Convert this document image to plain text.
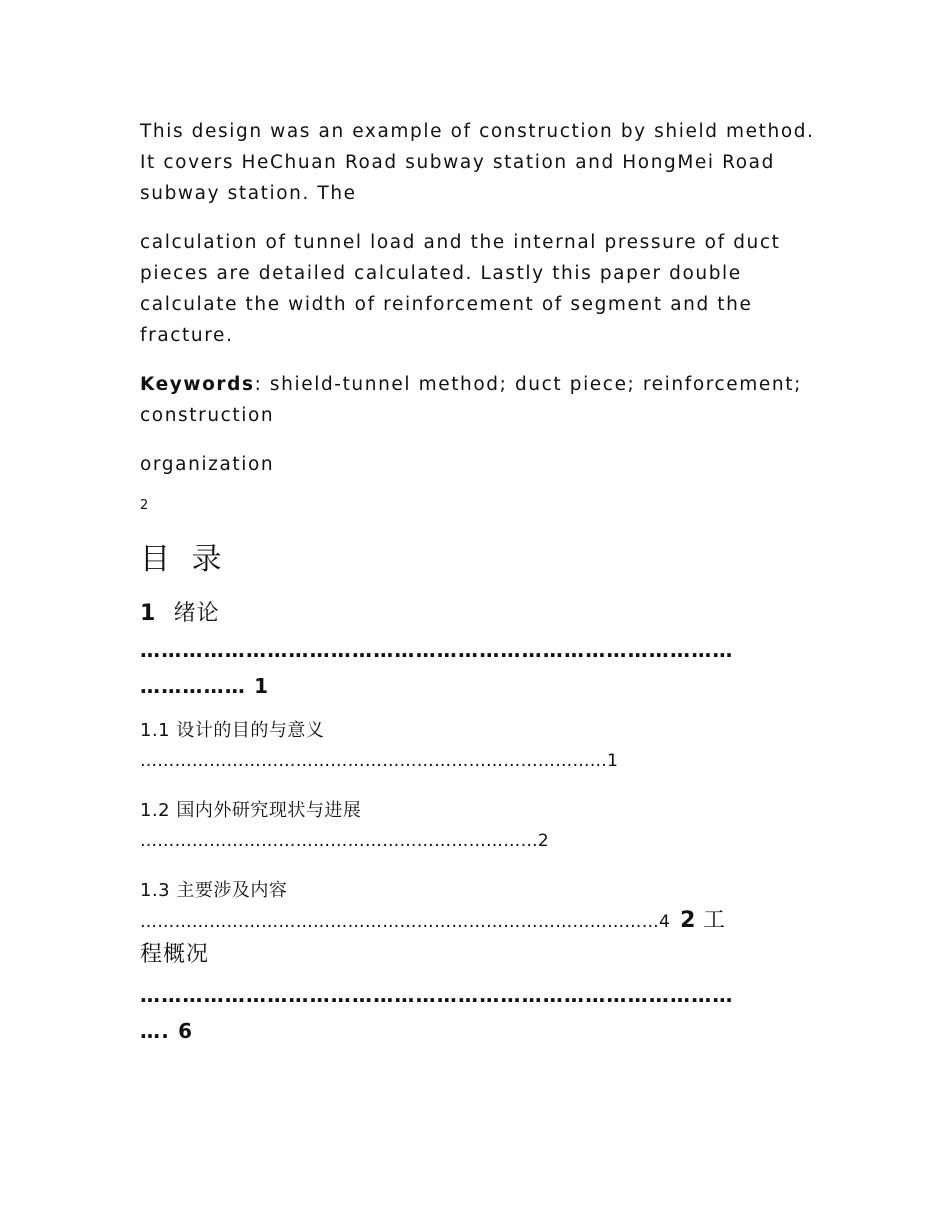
This design was an example of construction by shield method. It covers HeChuan Road subway station and HongMei Road subway station. The

calculation of tunnel load and the internal pressure of duct pieces are detailed calculated. Lastly this paper double calculate the width of reinforcement of segment and the fracture.

Keywords: shield-tunnel method; duct piece; reinforcement; construction

organization

2
目 录
1 绪论
…………………………………………………………………………
…………… 1
1.1 设计的目的与意义
………………………………………………………………………1
1.2 国内外研究现状与进展
……………………………………………………………2
1.3 主要涉及内容
………………………………………………………………………………4 2 工
程概况
…………………………………………………………………………
…. 6
